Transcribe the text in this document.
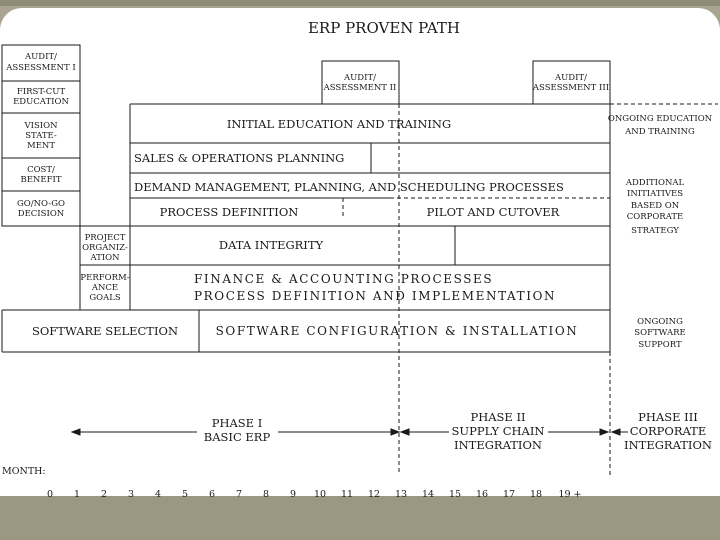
ERP PROVEN PATH
AUDIT/
ASSESSMENT I
FIRST-CUT
EDUCATION
VISION
STATE-
MENT
COST/
BENEFIT
GO/NO-GO
DECISION
AUDIT/
ASSESSMENT II
AUDIT/
ASSESSMENT III
INITIAL EDUCATION AND TRAINING
SALES & OPERATIONS PLANNING
DEMAND MANAGEMENT, PLANNING, AND SCHEDULING PROCESSES
PROCESS DEFINITION	PILOT AND CUTOVER
PROJECT
ORGANIZ-
ATION
DATA INTEGRITY
PERFORM-
ANCE
GOALS
FINANCE & ACCOUNTING PROCESSES
PROCESS DEFINITION AND IMPLEMENTATION
SOFTWARE SELECTION	SOFTWARE CONFIGURATION & INSTALLATION
ONGOING EDUCATION
AND TRAINING
ADDITIONAL
INITIATIVES
BASED ON
CORPORATE
STRATEGY
ONGOING
SOFTWARE
SUPPORT
PHASE I
BASIC ERP
PHASE II
SUPPLY CHAIN
INTEGRATION
PHASE III
CORPORATE
INTEGRATION
MONTH:
0 1 2 3 4 5 6 7 8 9 10 11 12 13 14 15 16 17 18 19 +
